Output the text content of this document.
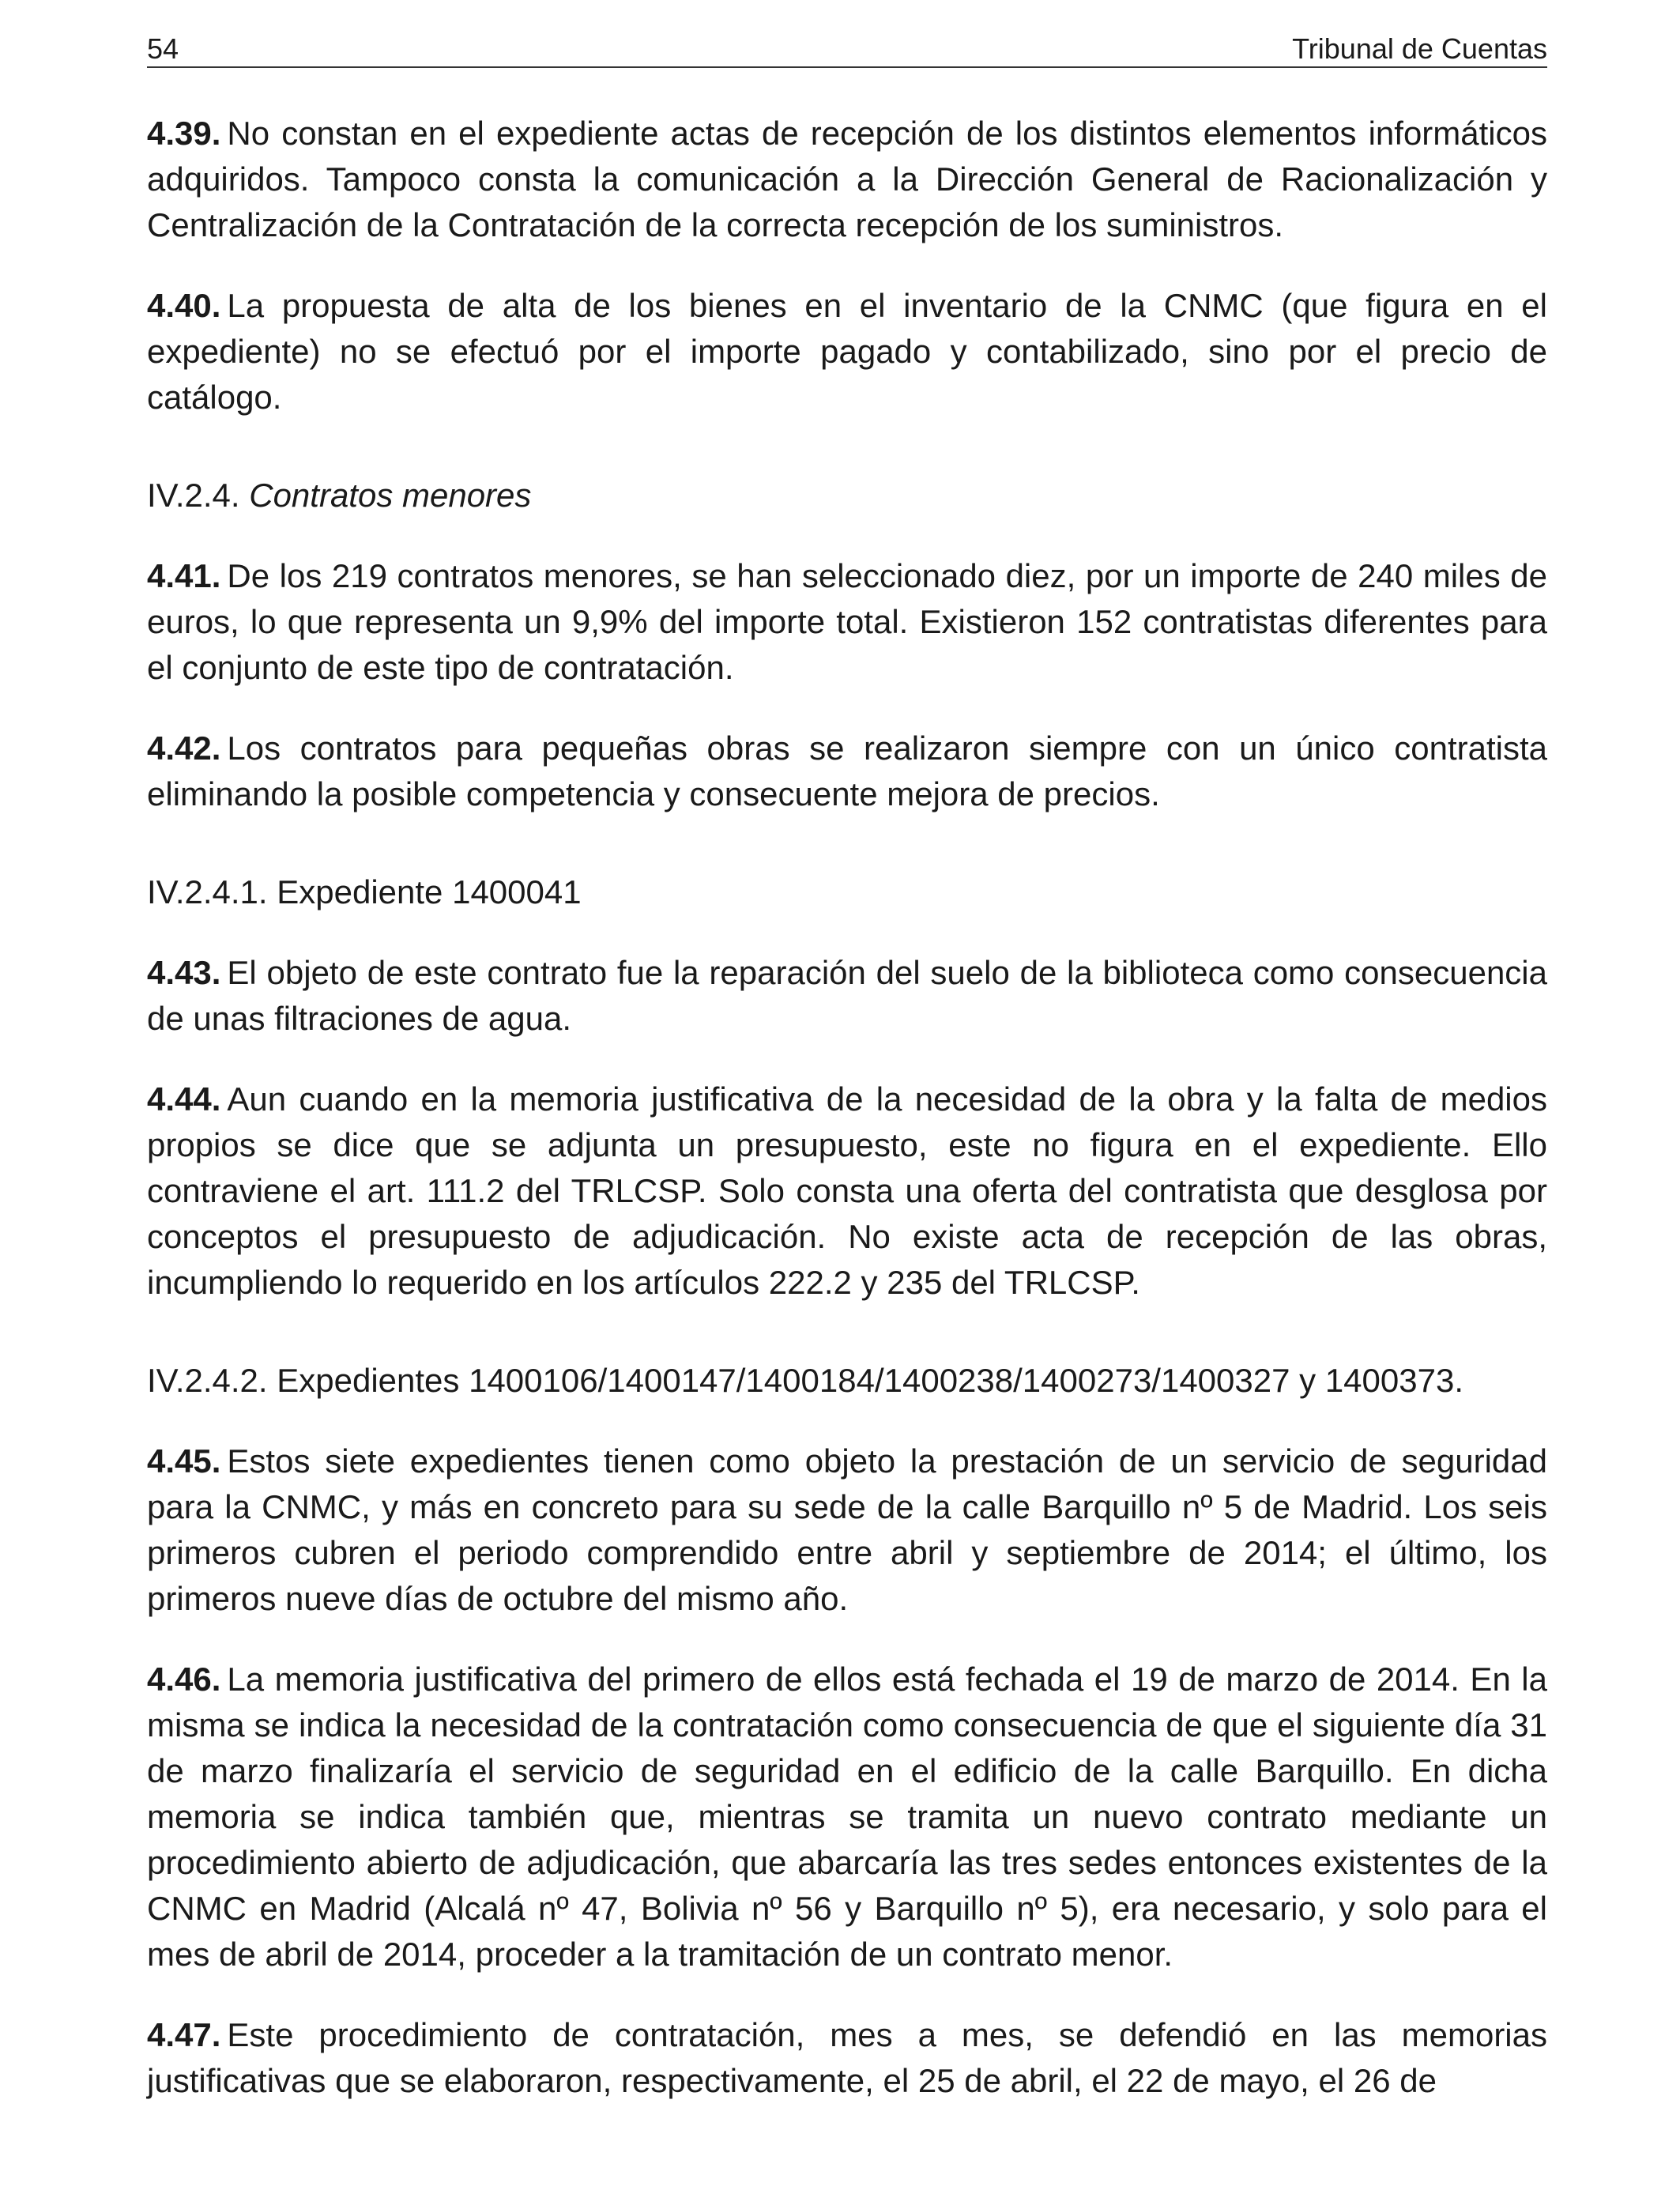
54	Tribunal de Cuentas

4.39. No constan en el expediente actas de recepción de los distintos elementos informáticos adquiridos. Tampoco consta la comunicación a la Dirección General de Racionalización y Centralización de la Contratación de la correcta recepción de los suministros.

4.40. La propuesta de alta de los bienes en el inventario de la CNMC (que figura en el expediente) no se efectuó por el importe pagado y contabilizado, sino por el precio de catálogo.

IV.2.4. Contratos menores

4.41. De los 219 contratos menores, se han seleccionado diez, por un importe de 240 miles de euros, lo que representa un 9,9% del importe total. Existieron 152 contratistas diferentes para el conjunto de este tipo de contratación.

4.42. Los contratos para pequeñas obras se realizaron siempre con un único contratista eliminando la posible competencia y consecuente mejora de precios.

IV.2.4.1. Expediente 1400041

4.43. El objeto de este contrato fue la reparación del suelo de la biblioteca como consecuencia de unas filtraciones de agua.

4.44. Aun cuando en la memoria justificativa de la necesidad de la obra y la falta de medios propios se dice que se adjunta un presupuesto, este no figura en el expediente. Ello contraviene el art. 111.2 del TRLCSP. Solo consta una oferta del contratista que desglosa por conceptos el presupuesto de adjudicación. No existe acta de recepción de las obras, incumpliendo lo requerido en los artículos 222.2 y 235 del TRLCSP.

IV.2.4.2. Expedientes 1400106/1400147/1400184/1400238/1400273/1400327 y 1400373.

4.45. Estos siete expedientes tienen como objeto la prestación de un servicio de seguridad para la CNMC, y más en concreto para su sede de la calle Barquillo nº 5 de Madrid. Los seis primeros cubren el periodo comprendido entre abril y septiembre de 2014; el último, los primeros nueve días de octubre del mismo año.

4.46. La memoria justificativa del primero de ellos está fechada el 19 de marzo de 2014. En la misma se indica la necesidad de la contratación como consecuencia de que el siguiente día 31 de marzo finalizaría el servicio de seguridad en el edificio de la calle Barquillo. En dicha memoria se indica también que, mientras se tramita un nuevo contrato mediante un procedimiento abierto de adjudicación, que abarcaría las tres sedes entonces existentes de la CNMC en Madrid (Alcalá nº 47, Bolivia nº 56 y Barquillo nº 5), era necesario, y solo para el mes de abril de 2014, proceder a la tramitación de un contrato menor.

4.47. Este procedimiento de contratación, mes a mes, se defendió en las memorias justificativas que se elaboraron, respectivamente, el 25 de abril, el 22 de mayo, el 26 de
